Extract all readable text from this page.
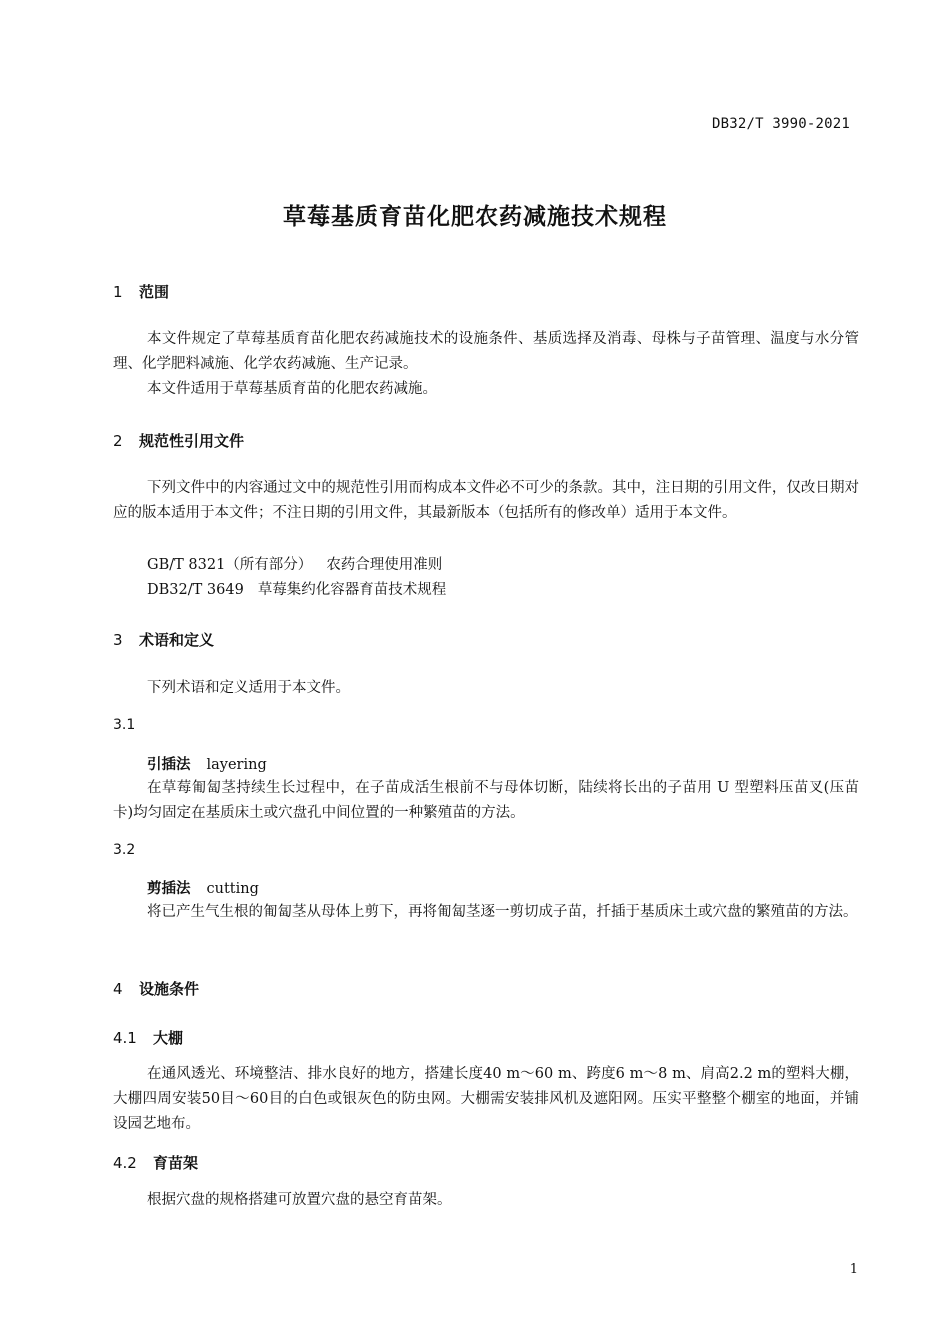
DB32/T 3990-2021
草莓基质育苗化肥农药减施技术规程
1 范围

本文件规定了草莓基质育苗化肥农药减施技术的设施条件、基质选择及消毒、母株与子苗管理、温度与水分管理、化学肥料减施、化学农药减施、生产记录。

本文件适用于草莓基质育苗的化肥农药减施。

2 规范性引用文件

下列文件中的内容通过文中的规范性引用而构成本文件必不可少的条款。其中，注日期的引用文件，仅改日期对应的版本适用于本文件；不注日期的引用文件，其最新版本（包括所有的修改单）适用于本文件。

GB/T 8321（所有部分） 农药合理使用准则
DB32/T 3649 草莓集约化容器育苗技术规程
3 术语和定义

下列术语和定义适用于本文件。

3.1
引插法 layering

在草莓匍匐茎持续生长过程中，在子苗成活生根前不与母体切断，陆续将长出的子苗用 U 型塑料压苗叉(压苗卡)均匀固定在基质床土或穴盘孔中间位置的一种繁殖苗的方法。

3.2
剪插法 cutting

将已产生气生根的匍匐茎从母体上剪下，再将匍匐茎逐一剪切成子苗，扦插于基质床土或穴盘的繁殖苗的方法。

4 设施条件
4.1 大棚

在通风透光、环境整洁、排水良好的地方，搭建长度40 m～60 m、跨度6 m～8 m、肩高2.2 m的塑料大棚，大棚四周安装50目～60目的白色或银灰色的防虫网。大棚需安装排风机及遮阳网。压实平整整个棚室的地面，并铺设园艺地布。

4.2 育苗架

根据穴盘的规格搭建可放置穴盘的悬空育苗架。

1
